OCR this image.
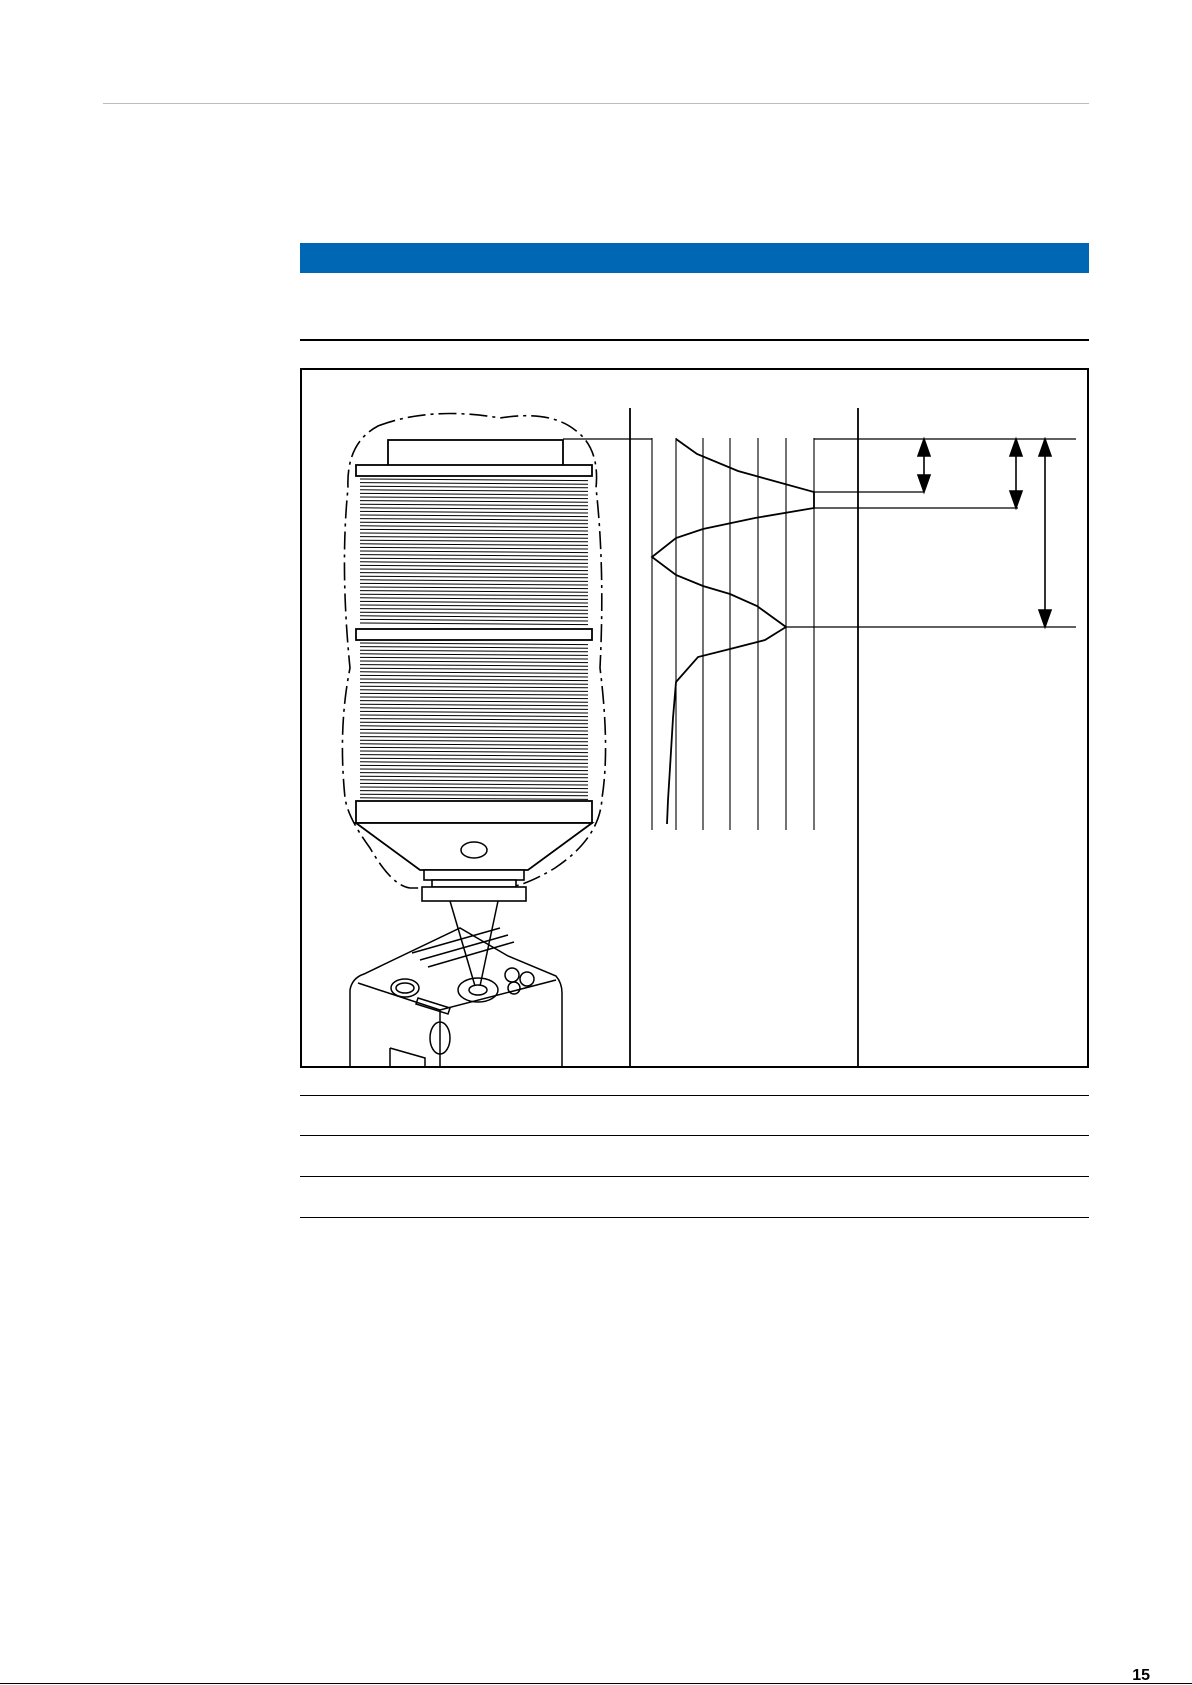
15
